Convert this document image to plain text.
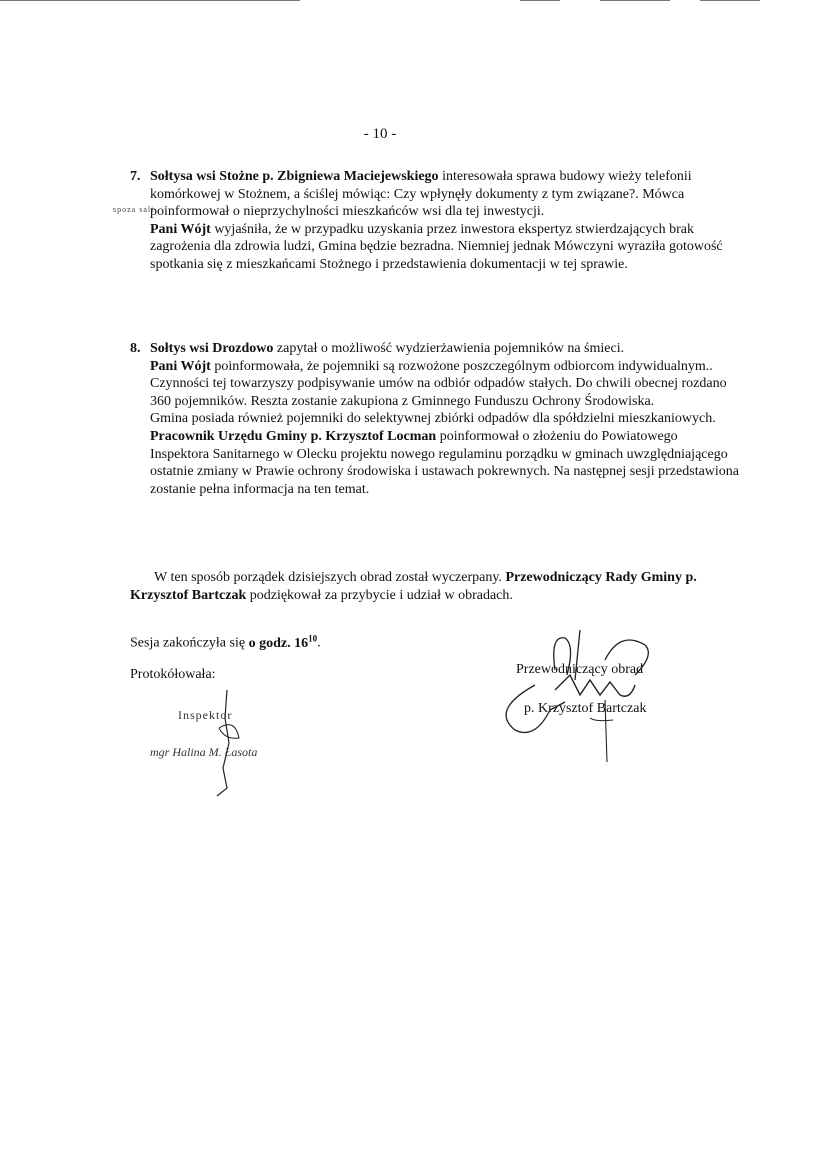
- 10 -
7. Sołtysa wsi Stożne p. Zbigniewa Maciejewskiego interesowała sprawa budowy wieży telefonii komórkowej w Stożnem, a ściślej mówiąc: Czy wpłynęły dokumenty z tym związane?. Mówca poinformował o nieprzychylności mieszkańców wsi dla tej inwestycji.

Pani Wójt wyjaśniła, że w przypadku uzyskania przez inwestora ekspertyz stwierdzających brak zagrożenia dla zdrowia ludzi, Gmina będzie bezradna. Niemniej jednak Mówczyni wyraziła gotowość spotkania się z mieszkańcami Stożnego i przedstawienia dokumentacji w tej sprawie.

spoza sali
8. Sołtys wsi Drozdowo zapytał o możliwość wydzierżawienia pojemników na śmieci.

Pani Wójt poinformowała, że pojemniki są rozwożone poszczególnym odbiorcom indywidualnym.. Czynności tej towarzyszy podpisywanie umów na odbiór odpadów stałych. Do chwili obecnej rozdano 360 pojemników. Reszta zostanie zakupiona z Gminnego Funduszu Ochrony Środowiska.

Gmina posiada również pojemniki do selektywnej zbiórki odpadów dla spółdzielni mieszkaniowych.

Pracownik Urzędu Gminy p. Krzysztof Locman poinformował o złożeniu do Powiatowego Inspektora Sanitarnego w Olecku projektu nowego regulaminu porządku w gminach uwzględniającego ostatnie zmiany w Prawie ochrony środowiska i ustawach pokrewnych. Na następnej sesji przedstawiona zostanie pełna informacja na ten temat.

W ten sposób porządek dzisiejszych obrad został wyczerpany. Przewodniczący Rady Gminy p. Krzysztof Bartczak podziękował za przybycie i udział w obradach.
Sesja zakończyła się o godz. $16^{10}$.
Protokółowała:
Inspektor
mgr Halina M. Łasota
Przewodniczący obrad
p. Krzysztof Bartczak
